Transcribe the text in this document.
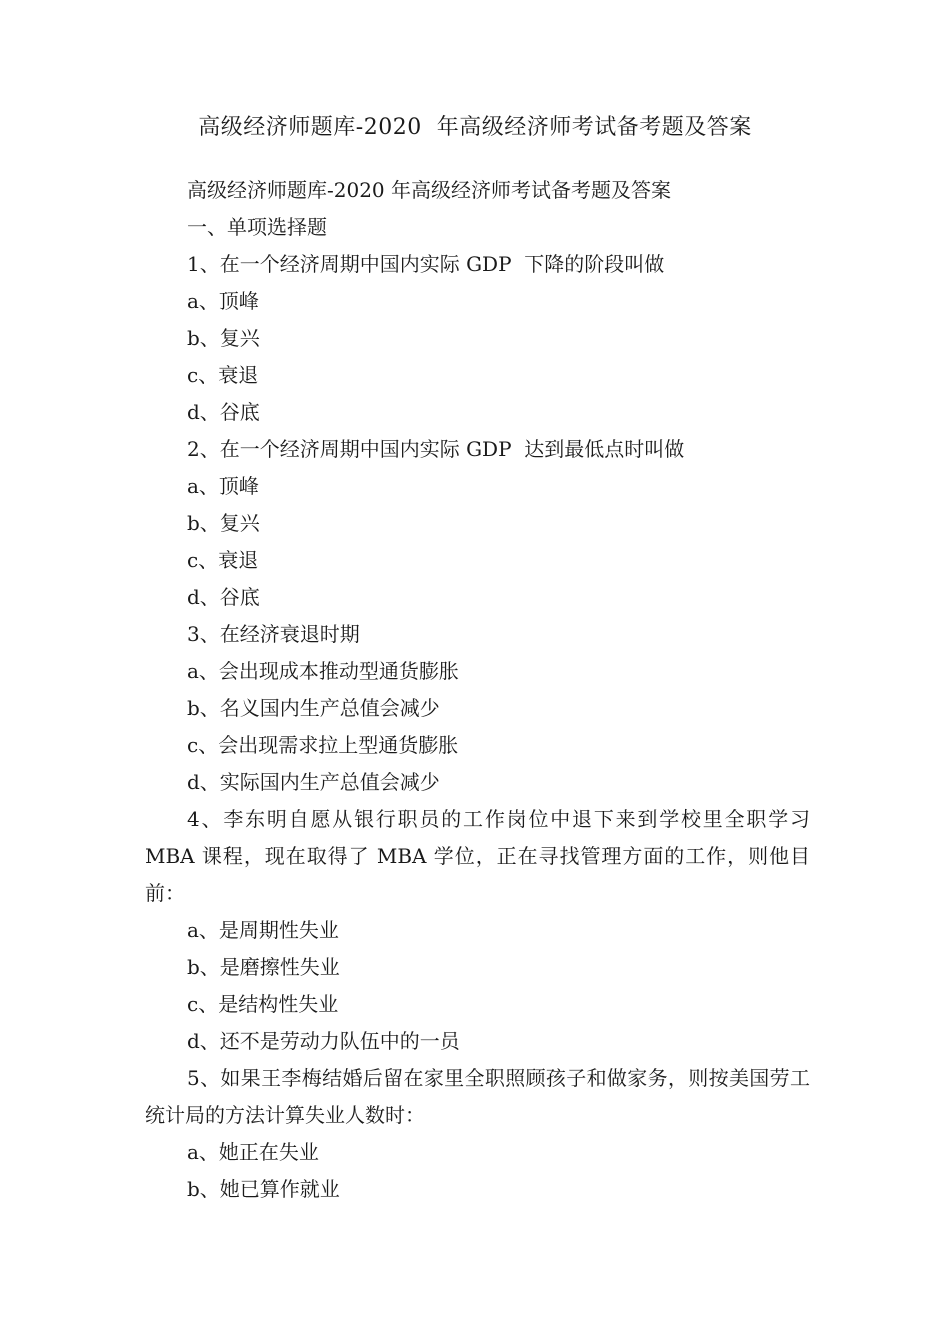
高级经济师题库-2020  年高级经济师考试备考题及答案
高级经济师题库-2020 年高级经济师考试备考题及答案
一、单项选择题
1、在一个经济周期中国内实际 GDP  下降的阶段叫做
a、顶峰
b、复兴
c、衰退
d、谷底
2、在一个经济周期中国内实际 GDP  达到最低点时叫做
a、顶峰
b、复兴
c、衰退
d、谷底
3、在经济衰退时期
a、会出现成本推动型通货膨胀
b、名义国内生产总值会减少
c、会出现需求拉上型通货膨胀
d、实际国内生产总值会减少
4、李东明自愿从银行职员的工作岗位中退下来到学校里全职学习 MBA 课程，现在取得了 MBA 学位，正在寻找管理方面的工作，则他目前：
a、是周期性失业
b、是磨擦性失业
c、是结构性失业
d、还不是劳动力队伍中的一员
5、如果王李梅结婚后留在家里全职照顾孩子和做家务，则按美国劳工统计局的方法计算失业人数时：
a、她正在失业
b、她已算作就业
